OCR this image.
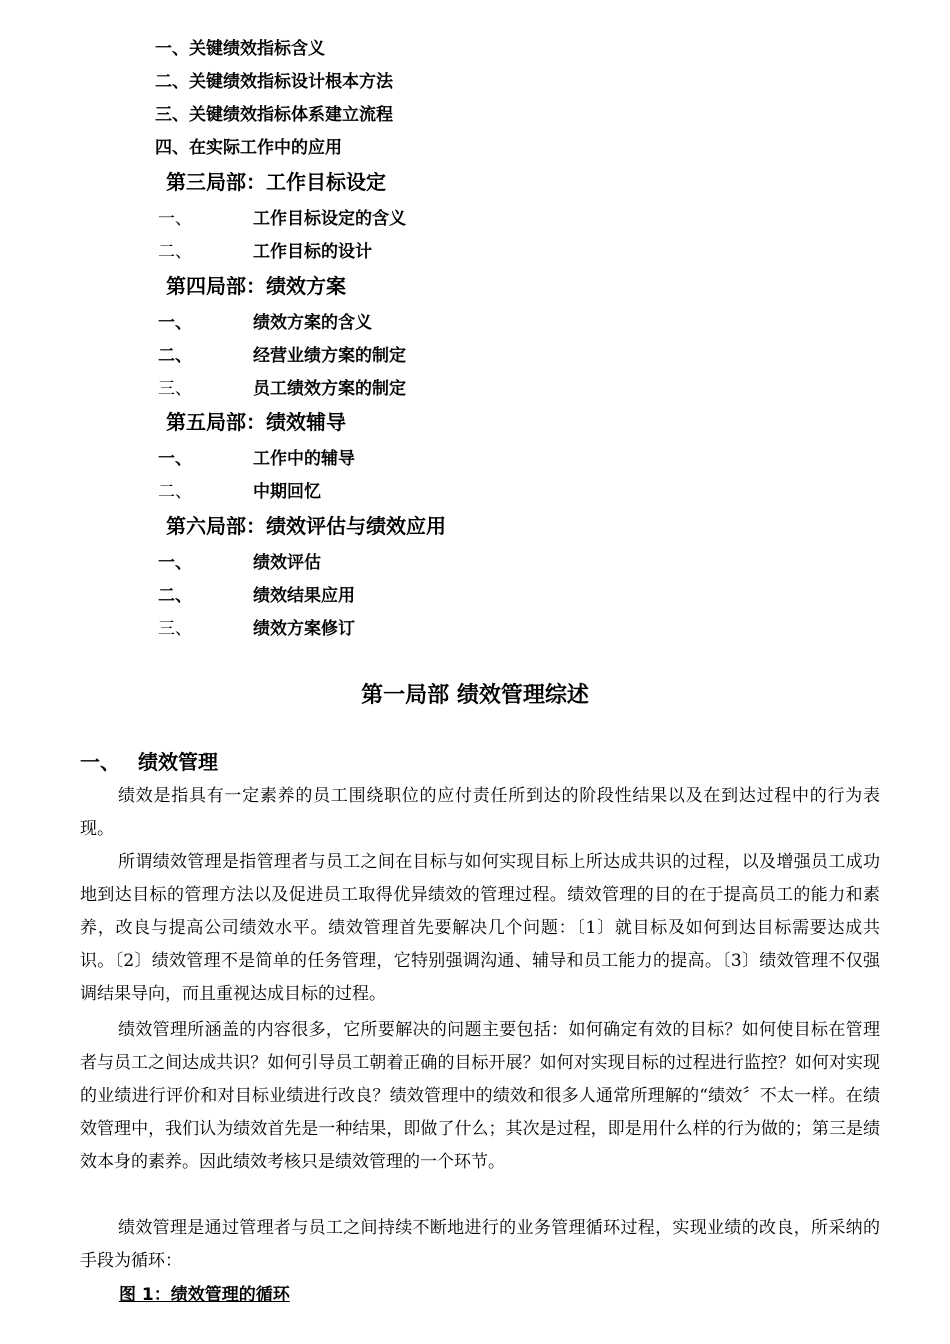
一、关键绩效指标含义
二、关键绩效指标设计根本方法
三、关键绩效指标体系建立流程
四、在实际工作中的应用
第三局部：工作目标设定
一、	工作目标设定的含义
二、	工作目标的设计
第四局部：绩效方案
一、	绩效方案的含义
二、	经营业绩方案的制定
三、	员工绩效方案的制定
第五局部：绩效辅导
一、	工作中的辅导
二、	中期回忆
第六局部：绩效评估与绩效应用
一、	绩效评估
二、	绩效结果应用
三、	绩效方案修订
第一局部 绩效管理综述
一、 绩效管理

绩效是指具有一定素养的员工围绕职位的应付责任所到达的阶段性结果以及在到达过程中的行为表现。

所谓绩效管理是指管理者与员工之间在目标与如何实现目标上所达成共识的过程，以及增强员工成功地到达目标的管理方法以及促进员工取得优异绩效的管理过程。绩效管理的目的在于提高员工的能力和素养，改良与提高公司绩效水平。绩效管理首先要解决几个问题：〔1〕就目标及如何到达目标需要达成共识。〔2〕绩效管理不是简单的任务管理，它特别强调沟通、辅导和员工能力的提高。〔3〕绩效管理不仅强调结果导向，而且重视达成目标的过程。

绩效管理所涵盖的内容很多，它所要解决的问题主要包括：如何确定有效的目标？如何使目标在管理者与员工之间达成共识？如何引导员工朝着正确的目标开展？如何对实现目标的过程进行监控？如何对实现的业绩进行评价和对目标业绩进行改良？绩效管理中的绩效和很多人通常所理解的“绩效〞不太一样。在绩效管理中，我们认为绩效首先是一种结果，即做了什么；其次是过程，即是用什么样的行为做的；第三是绩效本身的素养。因此绩效考核只是绩效管理的一个环节。

绩效管理是通过管理者与员工之间持续不断地进行的业务管理循环过程，实现业绩的改良，所采纳的手段为循环：

图 1：绩效管理的循环
